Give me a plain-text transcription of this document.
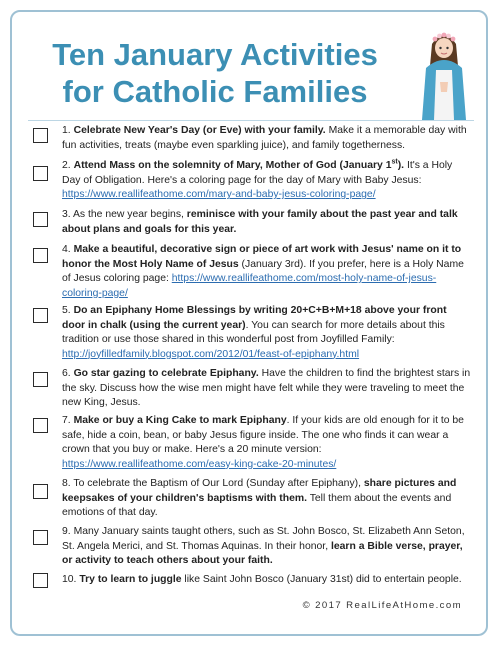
Ten January Activities
for Catholic Families
1. Celebrate New Year's Day (or Eve) with your family. Make it a memorable day with fun activities, treats (maybe even sparkling juice), and family togetherness.
2. Attend Mass on the solemnity of Mary, Mother of God (January 1st). It's a Holy Day of Obligation. Here's a coloring page for the day of Mary with Baby Jesus: https://www.reallifeathome.com/mary-and-baby-jesus-coloring-page/
3. As the new year begins, reminisce with your family about the past year and talk about plans and goals for this year.
4. Make a beautiful, decorative sign or piece of art work with Jesus' name on it to honor the Most Holy Name of Jesus (January 3rd). If you prefer, here is a Holy Name of Jesus coloring page: https://www.reallifeathome.com/most-holy-name-of-jesus-coloring-page/
5. Do an Epiphany Home Blessings by writing 20+C+B+M+18 above your front door in chalk (using the current year). You can search for more details about this tradition or use those shared in this wonderful post from Joyfilled Family: http://joyfilledfamily.blogspot.com/2012/01/feast-of-epiphany.html
6. Go star gazing to celebrate Epiphany. Have the children to find the brightest stars in the sky. Discuss how the wise men might have felt while they were traveling to meet the new King, Jesus.
7. Make or buy a King Cake to mark Epiphany. If your kids are old enough for it to be safe, hide a coin, bean, or baby Jesus figure inside. The one who finds it can wear a crown that you buy or make. Here's a 20 minute version: https://www.reallifeathome.com/easy-king-cake-20-minutes/
8. To celebrate the Baptism of Our Lord (Sunday after Epiphany), share pictures and keepsakes of your children's baptisms with them. Tell them about the events and emotions of that day.
9. Many January saints taught others, such as St. John Bosco, St. Elizabeth Ann Seton, St. Angela Merici, and St. Thomas Aquinas. In their honor, learn a Bible verse, prayer, or activity to teach others about your faith.
10. Try to learn to juggle like Saint John Bosco (January 31st) did to entertain people.
© 2017 RealLifeAtHome.com
